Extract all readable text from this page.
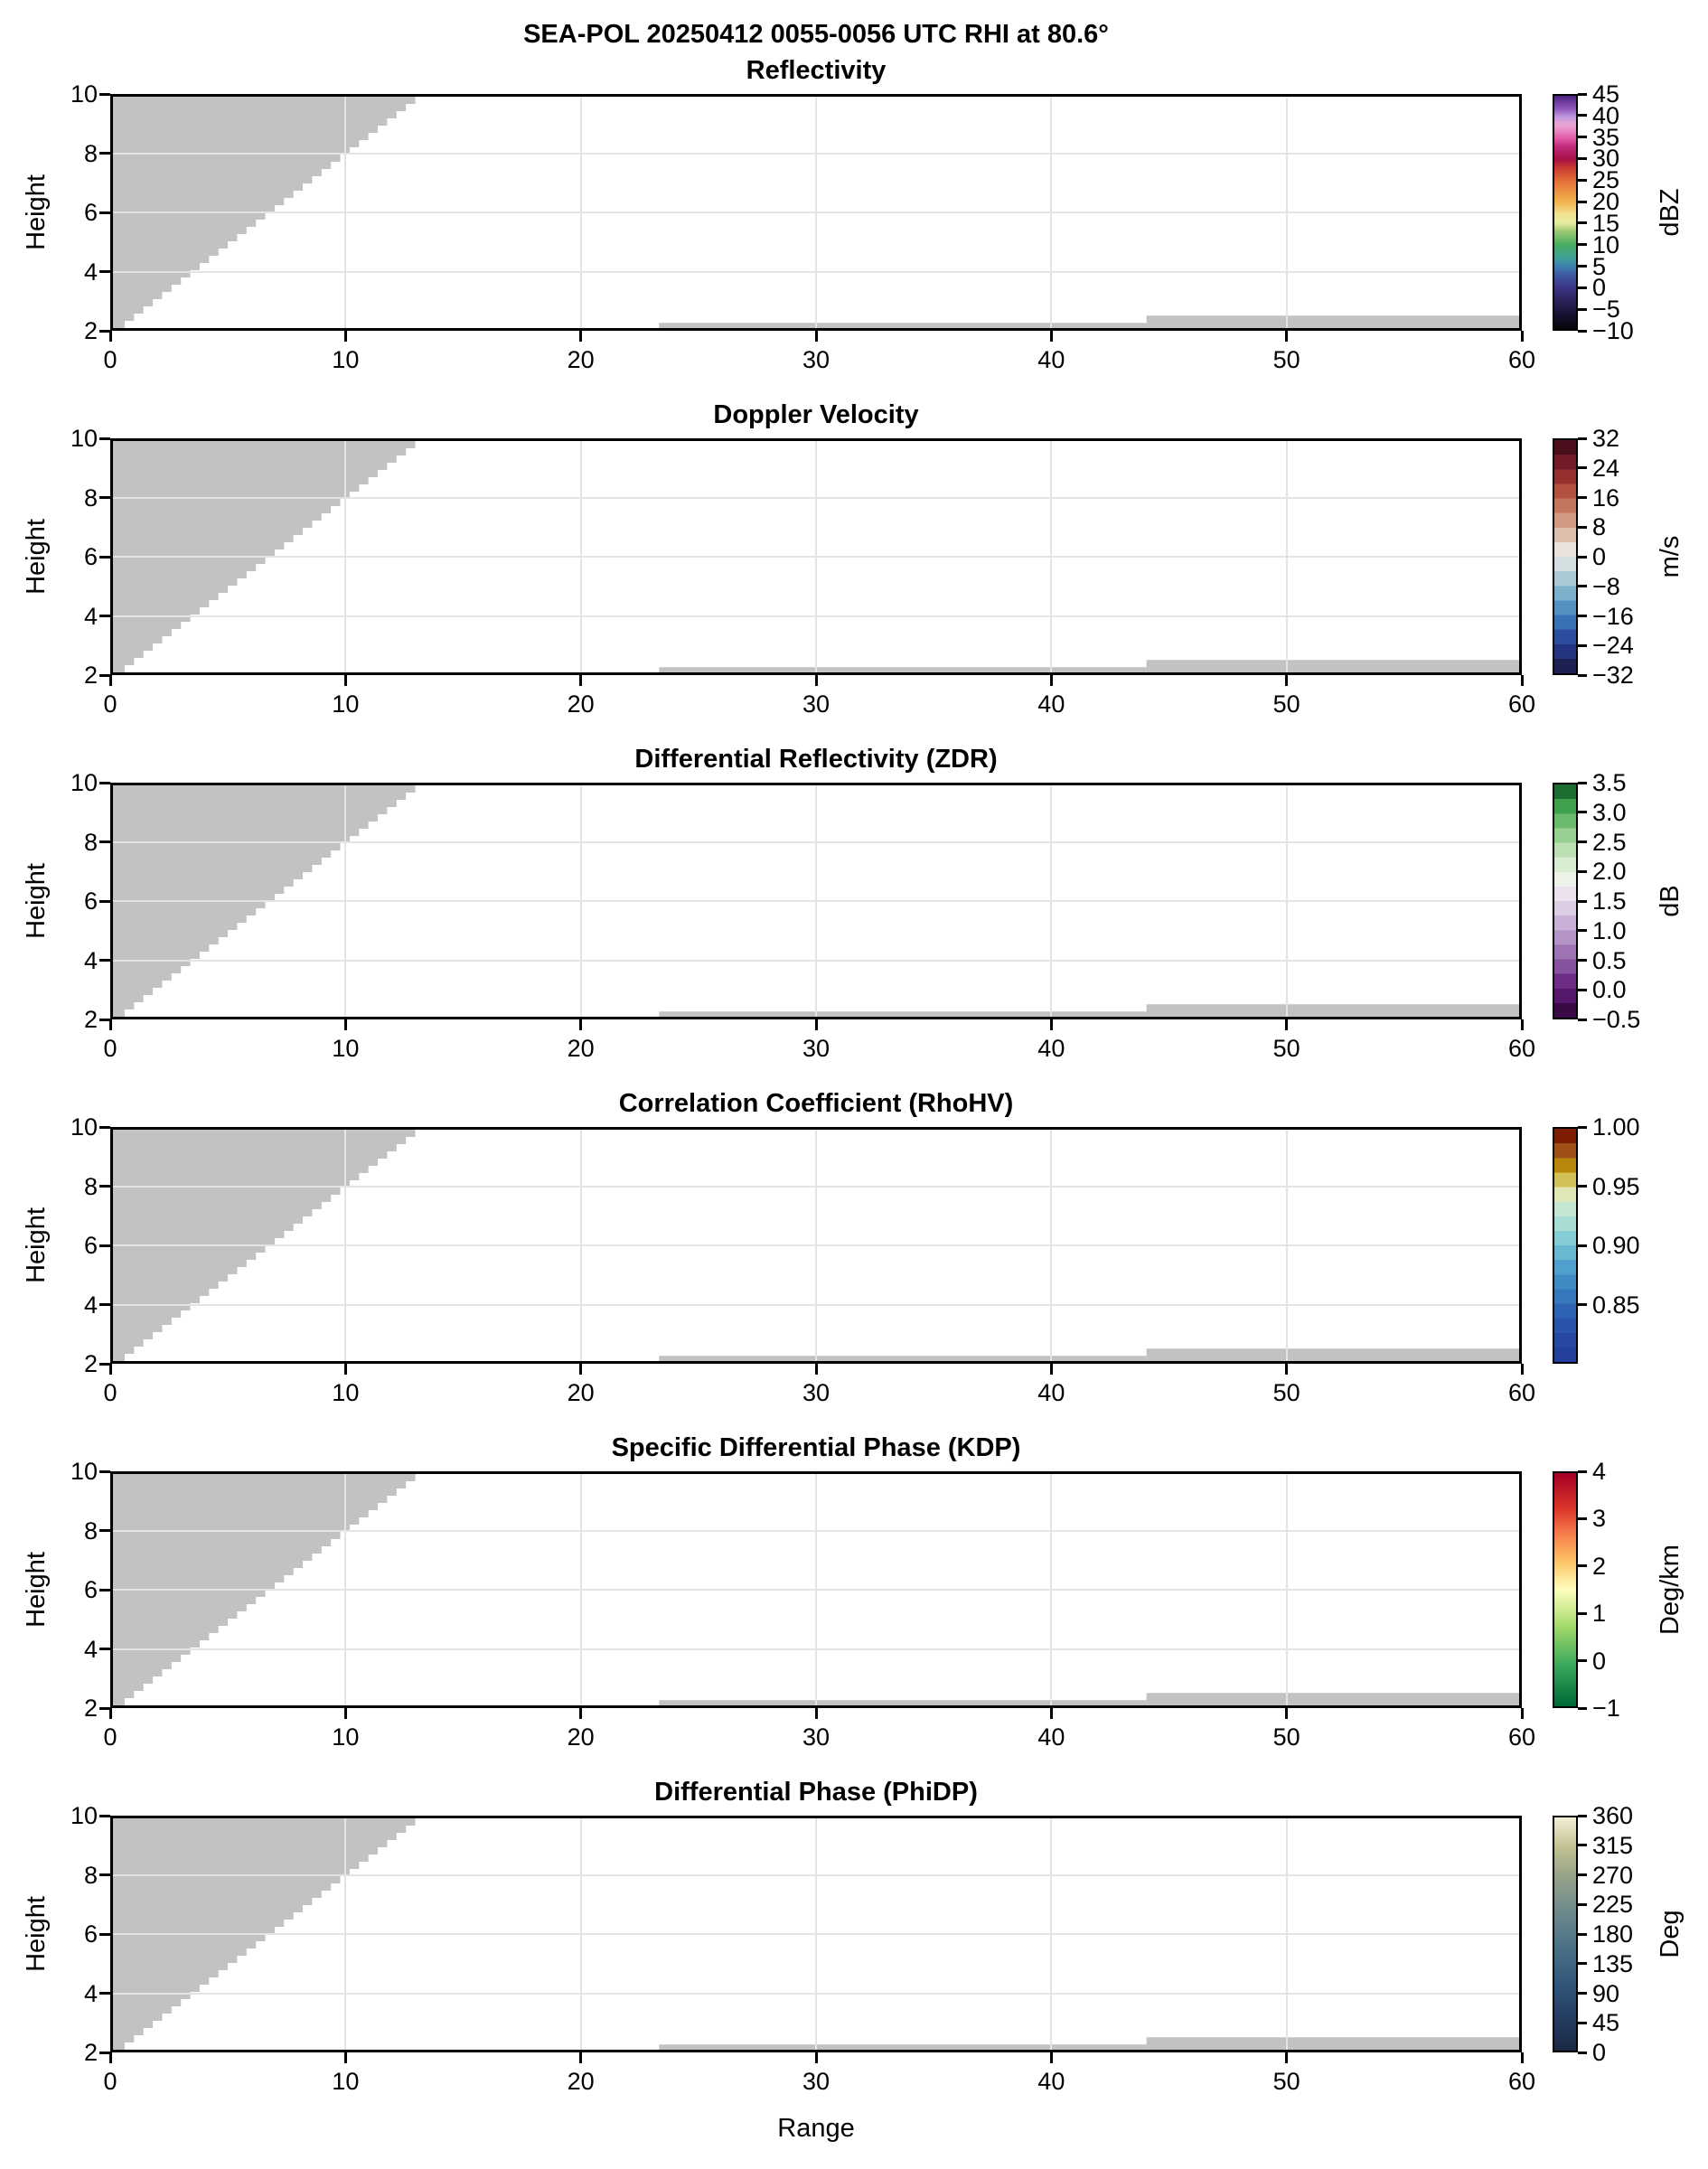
SEA-POL 20250412 0055-0056 UTC RHI at 80.6°
Reflectivity
0	10	20	30	40	50	60
2
4
6
8
10
Height
45
40
35
30
25
20
15
10
5
0
−5
−10
dBZ
Doppler Velocity
0	10	20	30	40	50	60
2
4
6
8
10
Height
32
24
16
8
0
−8
−16
−24
−32
m/s
Differential Reflectivity (ZDR)
0	10	20	30	40	50	60
2
4
6
8
10
Height
3.5
3.0
2.5
2.0
1.5
1.0
0.5
0.0
−0.5
dB
Correlation Coefficient (RhoHV)
0	10	20	30	40	50	60
2
4
6
8
10
Height
1.00
0.95
0.90
0.85
Specific Differential Phase (KDP)
0	10	20	30	40	50	60
2
4
6
8
10
Height
4
3
2
1
0
−1
Deg/km
Differential Phase (PhiDP)
0	10	20	30	40	50	60
2
4
6
8
10
Height
360
315
270
225
180
135
90
45
0
Deg
Range
